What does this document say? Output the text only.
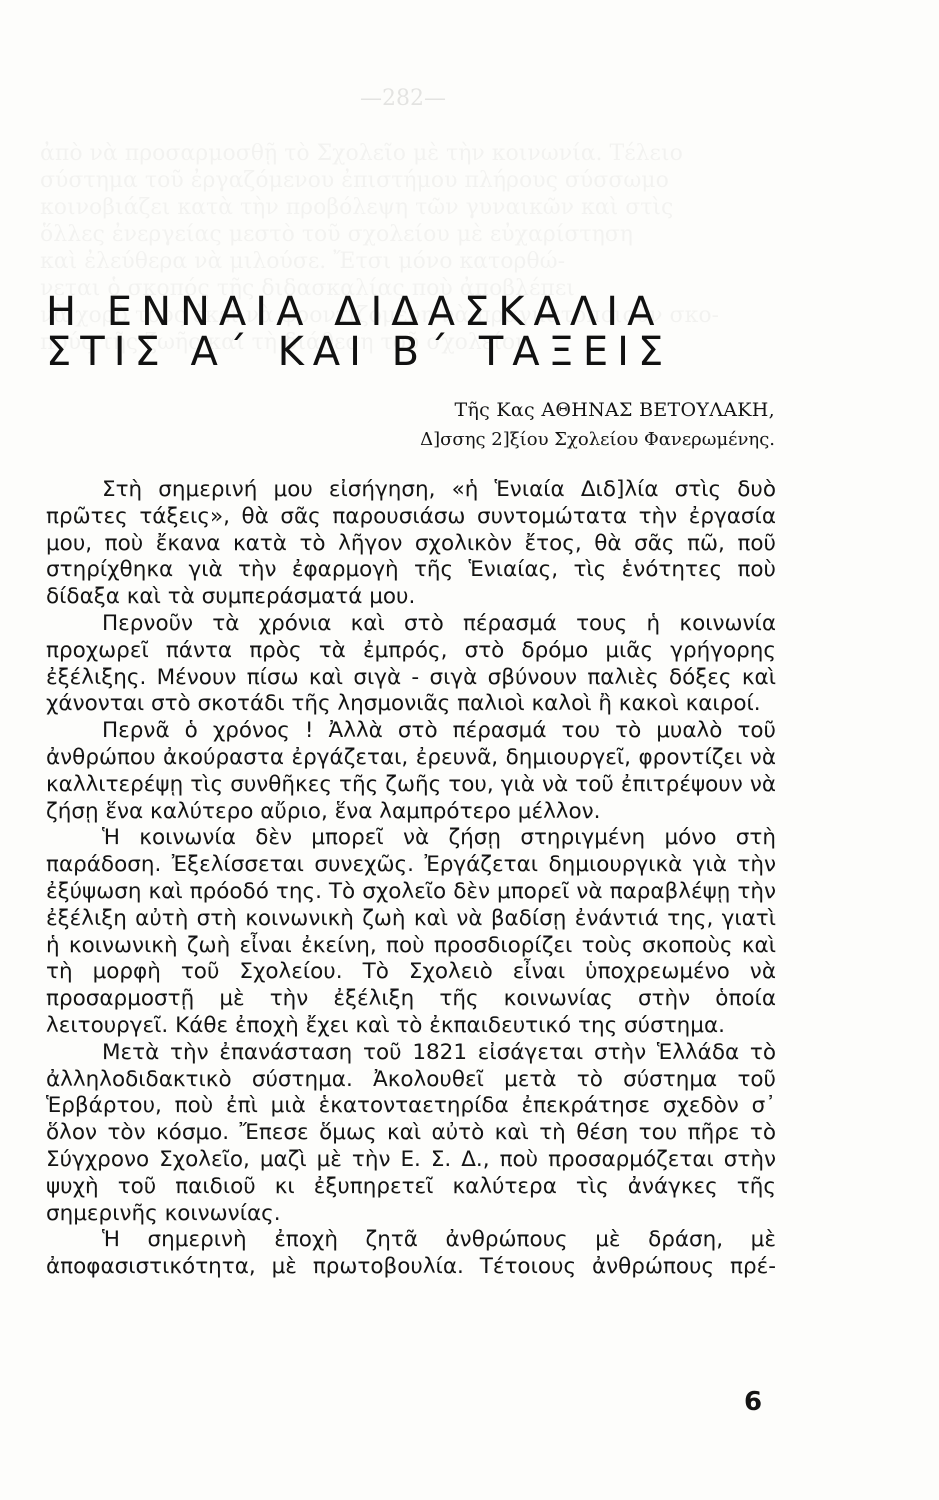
—282—
Η ΕΝΝΑΙΑ ΔΙΔΑΣΚΑΛΙΑ
ΣΤΙΣ Α΄ ΚΑΙ Β΄ ΤΑΞΕΙΣ
Τῆς Κας ΑΘΗΝΑΣ ΒΕΤΟΥΛΑΚΗ,
Δ]σσης 2]ξίου Σχολείου Φανερωμένης.

Στὴ σημερινή μου εἰσήγηση, «ἡ Ἑνιαία Διδ]λία στὶς δυὸ πρῶτες τάξεις», θὰ σᾶς παρουσιάσω συντομώτατα τὴν ἐργασία μου, ποὺ ἔκανα κατὰ τὸ λῆγον σχολικὸν ἔτος, θὰ σᾶς πῶ, ποῦ στηρίχθηκα γιὰ τὴν ἐφαρμογὴ τῆς Ἑνιαίας, τὶς ἑνότητες ποὺ δίδαξα καὶ τὰ συμπεράσματά μου.

Περνοῦν τὰ χρόνια καὶ στὸ πέρασμά τους ἡ κοινωνία προχωρεῖ πάντα πρὸς τὰ ἐμπρός, στὸ δρόμο μιᾶς γρήγορης ἐξέλιξης. Μένουν πίσω καὶ σιγὰ - σιγὰ σβύνουν παλιὲς δόξες καὶ χάνονται στὸ σκοτάδι τῆς λησμονιᾶς παλιοὶ καλοὶ ἢ κακοὶ καιροί.

Περνᾶ ὁ χρόνος ! Ἀλλὰ στὸ πέρασμά του τὸ μυαλὸ τοῦ ἀνθρώπου ἀκούραστα ἐργάζεται, ἐρευνᾶ, δημιουργεῖ, φροντίζει νὰ καλλιτερέψῃ τὶς συνθῆκες τῆς ζωῆς του, γιὰ νὰ τοῦ ἐπιτρέψουν νὰ ζήσῃ ἕνα καλύτερο αὔριο, ἕνα λαμπρότερο μέλλον.

Ἡ κοινωνία δὲν μπορεῖ νὰ ζήσῃ στηριγμένη μόνο στὴ παράδοση. Ἐξελίσσεται συνεχῶς. Ἐργάζεται δημιουργικὰ γιὰ τὴν ἐξύψωση καὶ πρόοδό της. Τὸ σχολεῖο δὲν μπορεῖ νὰ παραβλέψῃ τὴν ἐξέλιξη αὐτὴ στὴ κοινωνικὴ ζωὴ καὶ νὰ βαδίσῃ ἐνάντιά της, γιατὶ ἡ κοινωνικὴ ζωὴ εἶναι ἐκείνη, ποὺ προσδιορίζει τοὺς σκοποὺς καὶ τὴ μορφὴ τοῦ Σχολείου. Τὸ Σχολειὸ εἶναι ὑποχρεωμένο νὰ προσαρμοστῇ μὲ τὴν ἐξέλιξη τῆς κοινωνίας στὴν ὁποία λειτουργεῖ. Κάθε ἐποχὴ ἔχει καὶ τὸ ἐκπαιδευτικό της σύστημα.

Μετὰ τὴν ἐπανάσταση τοῦ 1821 εἰσάγεται στὴν Ἑλλάδα τὸ ἀλληλοδιδακτικὸ σύστημα. Ἀκολουθεῖ μετὰ τὸ σύστημα τοῦ Ἑρβάρτου, ποὺ ἐπὶ μιὰ ἑκατονταετηρίδα ἐπεκράτησε σχεδὸν σ᾽ ὅλον τὸν κόσμο. Ἔπεσε ὅμως καὶ αὐτὸ καὶ τὴ θέση του πῆρε τὸ Σύγχρονο Σχολεῖο, μαζὶ μὲ τὴν Ε. Σ. Δ., ποὺ προσαρμόζεται στὴν ψυχὴ τοῦ παιδιοῦ κι ἐξυπηρετεῖ καλύτερα τὶς ἀνάγκες τῆς σημερινῆς κοινωνίας.

Ἡ σημερινὴ ἐποχὴ ζητᾶ ἀνθρώπους μὲ δράση, μὲ ἀποφασιστικότητα, μὲ πρωτοβουλία. Τέτοιους ἀνθρώπους πρέ-

6
